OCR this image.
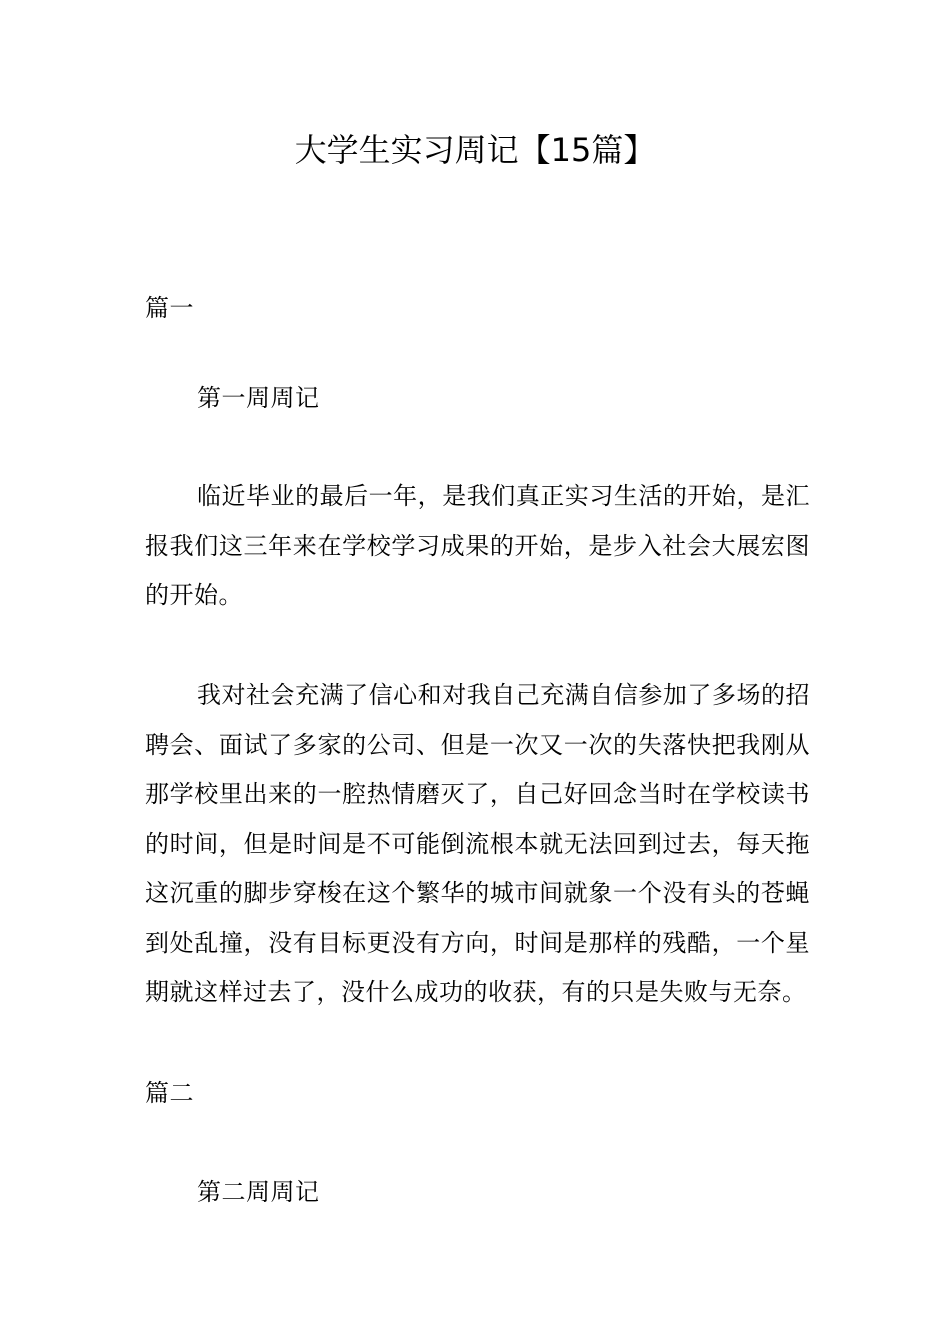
大学生实习周记【15篇】

篇一

第一周周记

临近毕业的最后一年，是我们真正实习生活的开始，是汇报我们这三年来在学校学习成果的开始，是步入社会大展宏图的开始。

我对社会充满了信心和对我自己充满自信参加了多场的招聘会、面试了多家的公司、但是一次又一次的失落快把我刚从那学校里出来的一腔热情磨灭了，自己好回念当时在学校读书的时间，但是时间是不可能倒流根本就无法回到过去，每天拖这沉重的脚步穿梭在这个繁华的城市间就象一个没有头的苍蝇到处乱撞，没有目标更没有方向，时间是那样的残酷，一个星期就这样过去了，没什么成功的收获，有的只是失败与无奈。

篇二

第二周周记
